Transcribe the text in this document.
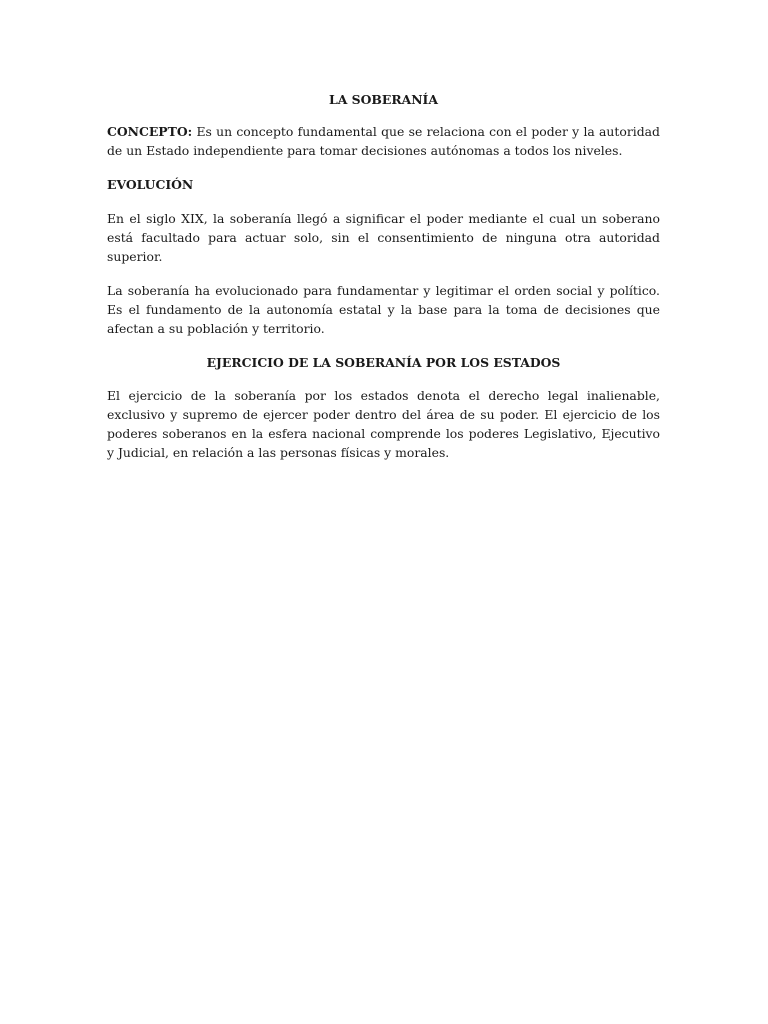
LA SOBERANÍA

CONCEPTO: Es un concepto fundamental que se relaciona con el poder y la autoridad de un Estado independiente para tomar decisiones autónomas a todos los niveles.

EVOLUCIÓN

En el siglo XIX, la soberanía llegó a significar el poder mediante el cual un soberano está facultado para actuar solo, sin el consentimiento de ninguna otra autoridad superior.

La soberanía ha evolucionado para fundamentar y legitimar el orden social y político. Es el fundamento de la autonomía estatal y la base para la toma de decisiones que afectan a su población y territorio.

EJERCICIO DE LA SOBERANÍA POR LOS ESTADOS

El ejercicio de la soberanía por los estados denota el derecho legal inalienable, exclusivo y supremo de ejercer poder dentro del área de su poder. El ejercicio de los poderes soberanos en la esfera nacional comprende los poderes Legislativo, Ejecutivo y Judicial, en relación a las personas físicas y morales.
